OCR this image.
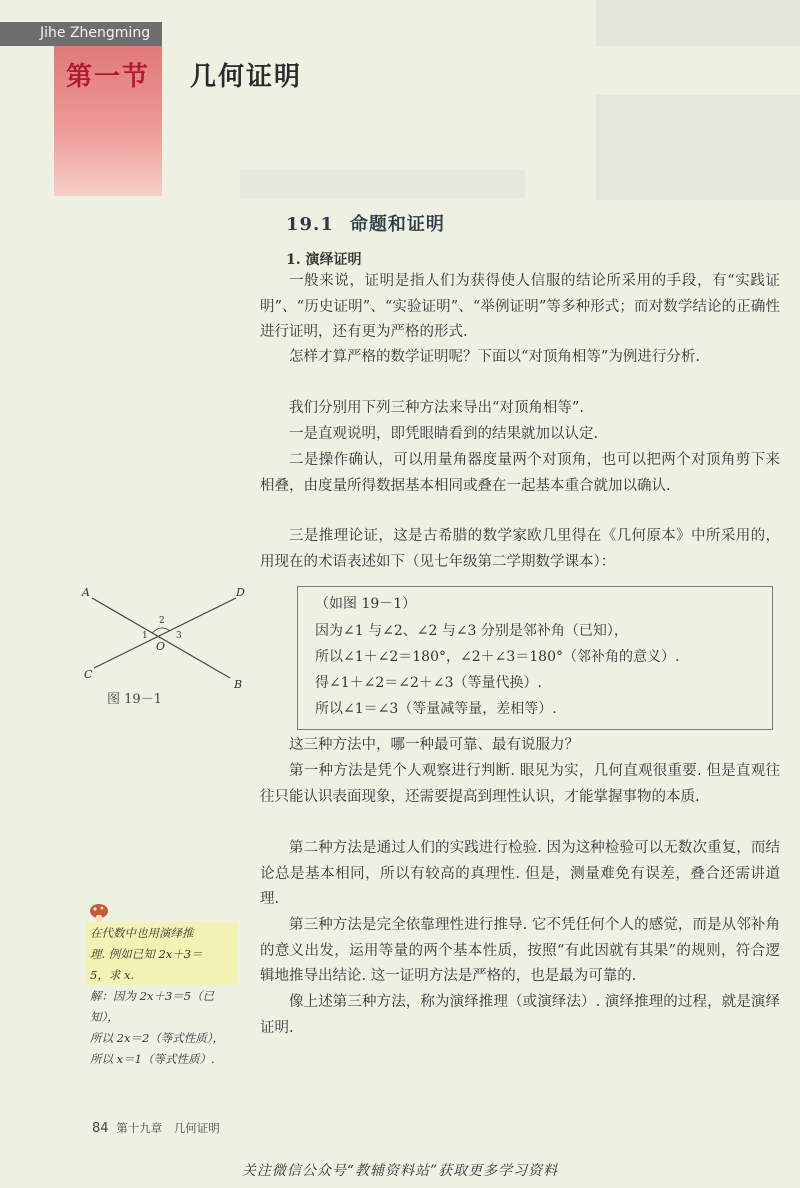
Jihe Zhengming
第一节 几何证明
19.1 命题和证明
1. 演绎证明

一般来说，证明是指人们为获得使人信服的结论所采用的手段，有“实践证明”、“历史证明”、“实验证明”、“举例证明”等多种形式；而对数学结论的正确性进行证明，还有更为严格的形式.

怎样才算严格的数学证明呢？下面以“对顶角相等”为例进行分析.

我们分别用下列三种方法来导出“对顶角相等”.

一是直观说明，即凭眼睛看到的结果就加以认定.

二是操作确认，可以用量角器度量两个对顶角，也可以把两个对顶角剪下来相叠，由度量所得数据基本相同或叠在一起基本重合就加以确认.

三是推理论证，这是古希腊的数学家欧几里得在《几何原本》中所采用的，用现在的术语表述如下（见七年级第二学期数学课本）：

A
B
C
D
O
1
2
3
图 19－1
（如图 19－1）
因为∠1 与∠2、∠2 与∠3 分别是邻补角（已知），
所以∠1＋∠2＝180°，∠2＋∠3＝180°（邻补角的意义）.
得∠1＋∠2＝∠2＋∠3（等量代换）.
所以∠1＝∠3（等量减等量，差相等）.

这三种方法中，哪一种最可靠、最有说服力？

第一种方法是凭个人观察进行判断. 眼见为实，几何直观很重要. 但是直观往往只能认识表面现象，还需要提高到理性认识，才能掌握事物的本质.

第二种方法是通过人们的实践进行检验. 因为这种检验可以无数次重复，而结论总是基本相同，所以有较高的真理性. 但是，测量难免有误差，叠合还需讲道理.

第三种方法是完全依靠理性进行推导. 它不凭任何个人的感觉，而是从邻补角的意义出发，运用等量的两个基本性质，按照“有此因就有其果”的规则，符合逻辑地推导出结论. 这一证明方法是严格的，也是最为可靠的.

像上述第三种方法，称为演绎推理（或演绎法）. 演绎推理的过程，就是演绎证明.

在代数中也用演绎推
理. 例如已知 2x＋3＝
5，求 x.
解：因为 2x＋3＝5（已
知），
所以 2x＝2（等式性质），
所以 x＝1（等式性质）.
84 第十九章　几何证明
关注微信公众号“教辅资料站”获取更多学习资料
